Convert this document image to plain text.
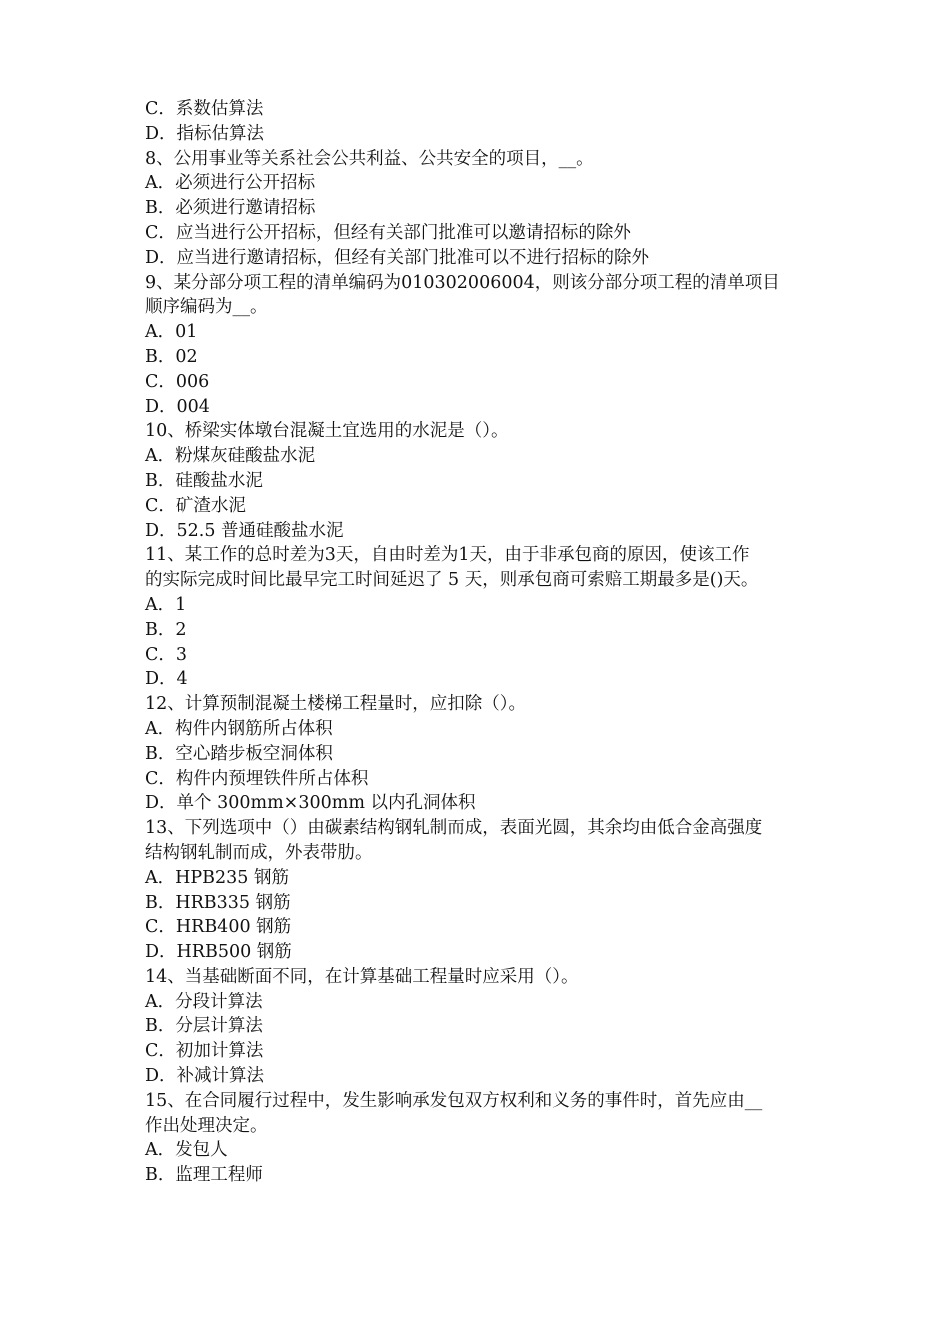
C．系数估算法
D．指标估算法
8、公用事业等关系社会公共利益、公共安全的项目，__。
A．必须进行公开招标
B．必须进行邀请招标
C．应当进行公开招标，但经有关部门批准可以邀请招标的除外
D．应当进行邀请招标，但经有关部门批准可以不进行招标的除外
9、某分部分项工程的清单编码为010302006004，则该分部分项工程的清单项目
顺序编码为__。
A．01
B．02
C．006
D．004
10、桥梁实体墩台混凝土宜选用的水泥是（）。
A．粉煤灰硅酸盐水泥
B．硅酸盐水泥
C．矿渣水泥
D．52.5 普通硅酸盐水泥
11、某工作的总时差为3天，自由时差为1天，由于非承包商的原因，使该工作
的实际完成时间比最早完工时间延迟了 5 天，则承包商可索赔工期最多是()天。
A．1
B．2
C．3
D．4
12、计算预制混凝土楼梯工程量时，应扣除（）。
A．构件内钢筋所占体积
B．空心踏步板空洞体积
C．构件内预埋铁件所占体积
D．单个 300mm×300mm 以内孔洞体积
13、下列选项中（）由碳素结构钢轧制而成，表面光圆，其余均由低合金高强度
结构钢轧制而成，外表带肋。
A．HPB235 钢筋
B．HRB335 钢筋
C．HRB400 钢筋
D．HRB500 钢筋
14、当基础断面不同，在计算基础工程量时应采用（）。
A．分段计算法
B．分层计算法
C．初加计算法
D．补减计算法
15、在合同履行过程中，发生影响承发包双方权利和义务的事件时，首先应由__
作出处理决定。
A．发包人
B．监理工程师
